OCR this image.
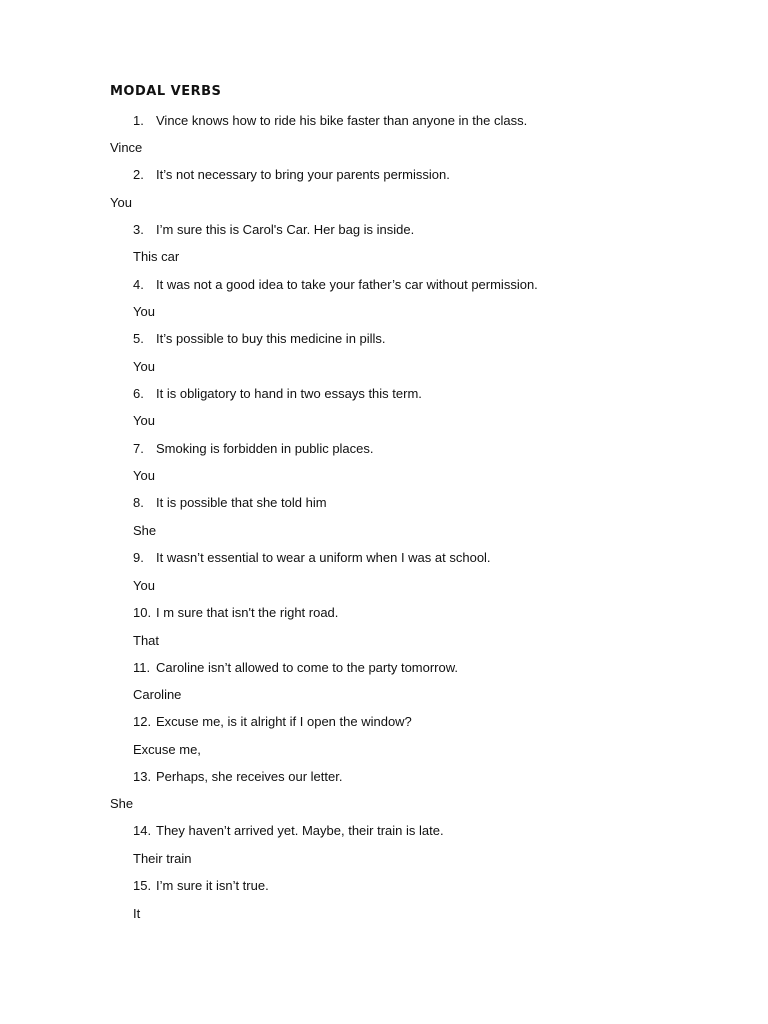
MODAL VERBS
1. Vince knows how to ride his bike faster than anyone in the class.
Vince
2. It’s not necessary to bring your parents permission.
You
3. I’m sure this is Carol's Car. Her bag is inside.
This car
4. It was not a good idea to take your father’s car without permission.
You
5. It’s possible to buy this medicine in pills.
You
6. It is obligatory to hand in two essays this term.
You
7. Smoking is forbidden in public places.
You
8. It is possible that she told him
She
9. It wasn’t essential to wear a uniform when I was at school.
You
10. I m sure that isn't the right road.
That
11. Caroline isn’t allowed to come to the party tomorrow.
Caroline
12. Excuse me, is it alright if I open the window?
Excuse me,
13. Perhaps, she receives our letter.
She
14. They haven’t arrived yet. Maybe, their train is late.
Their train
15. I’m sure it isn’t true.
It
